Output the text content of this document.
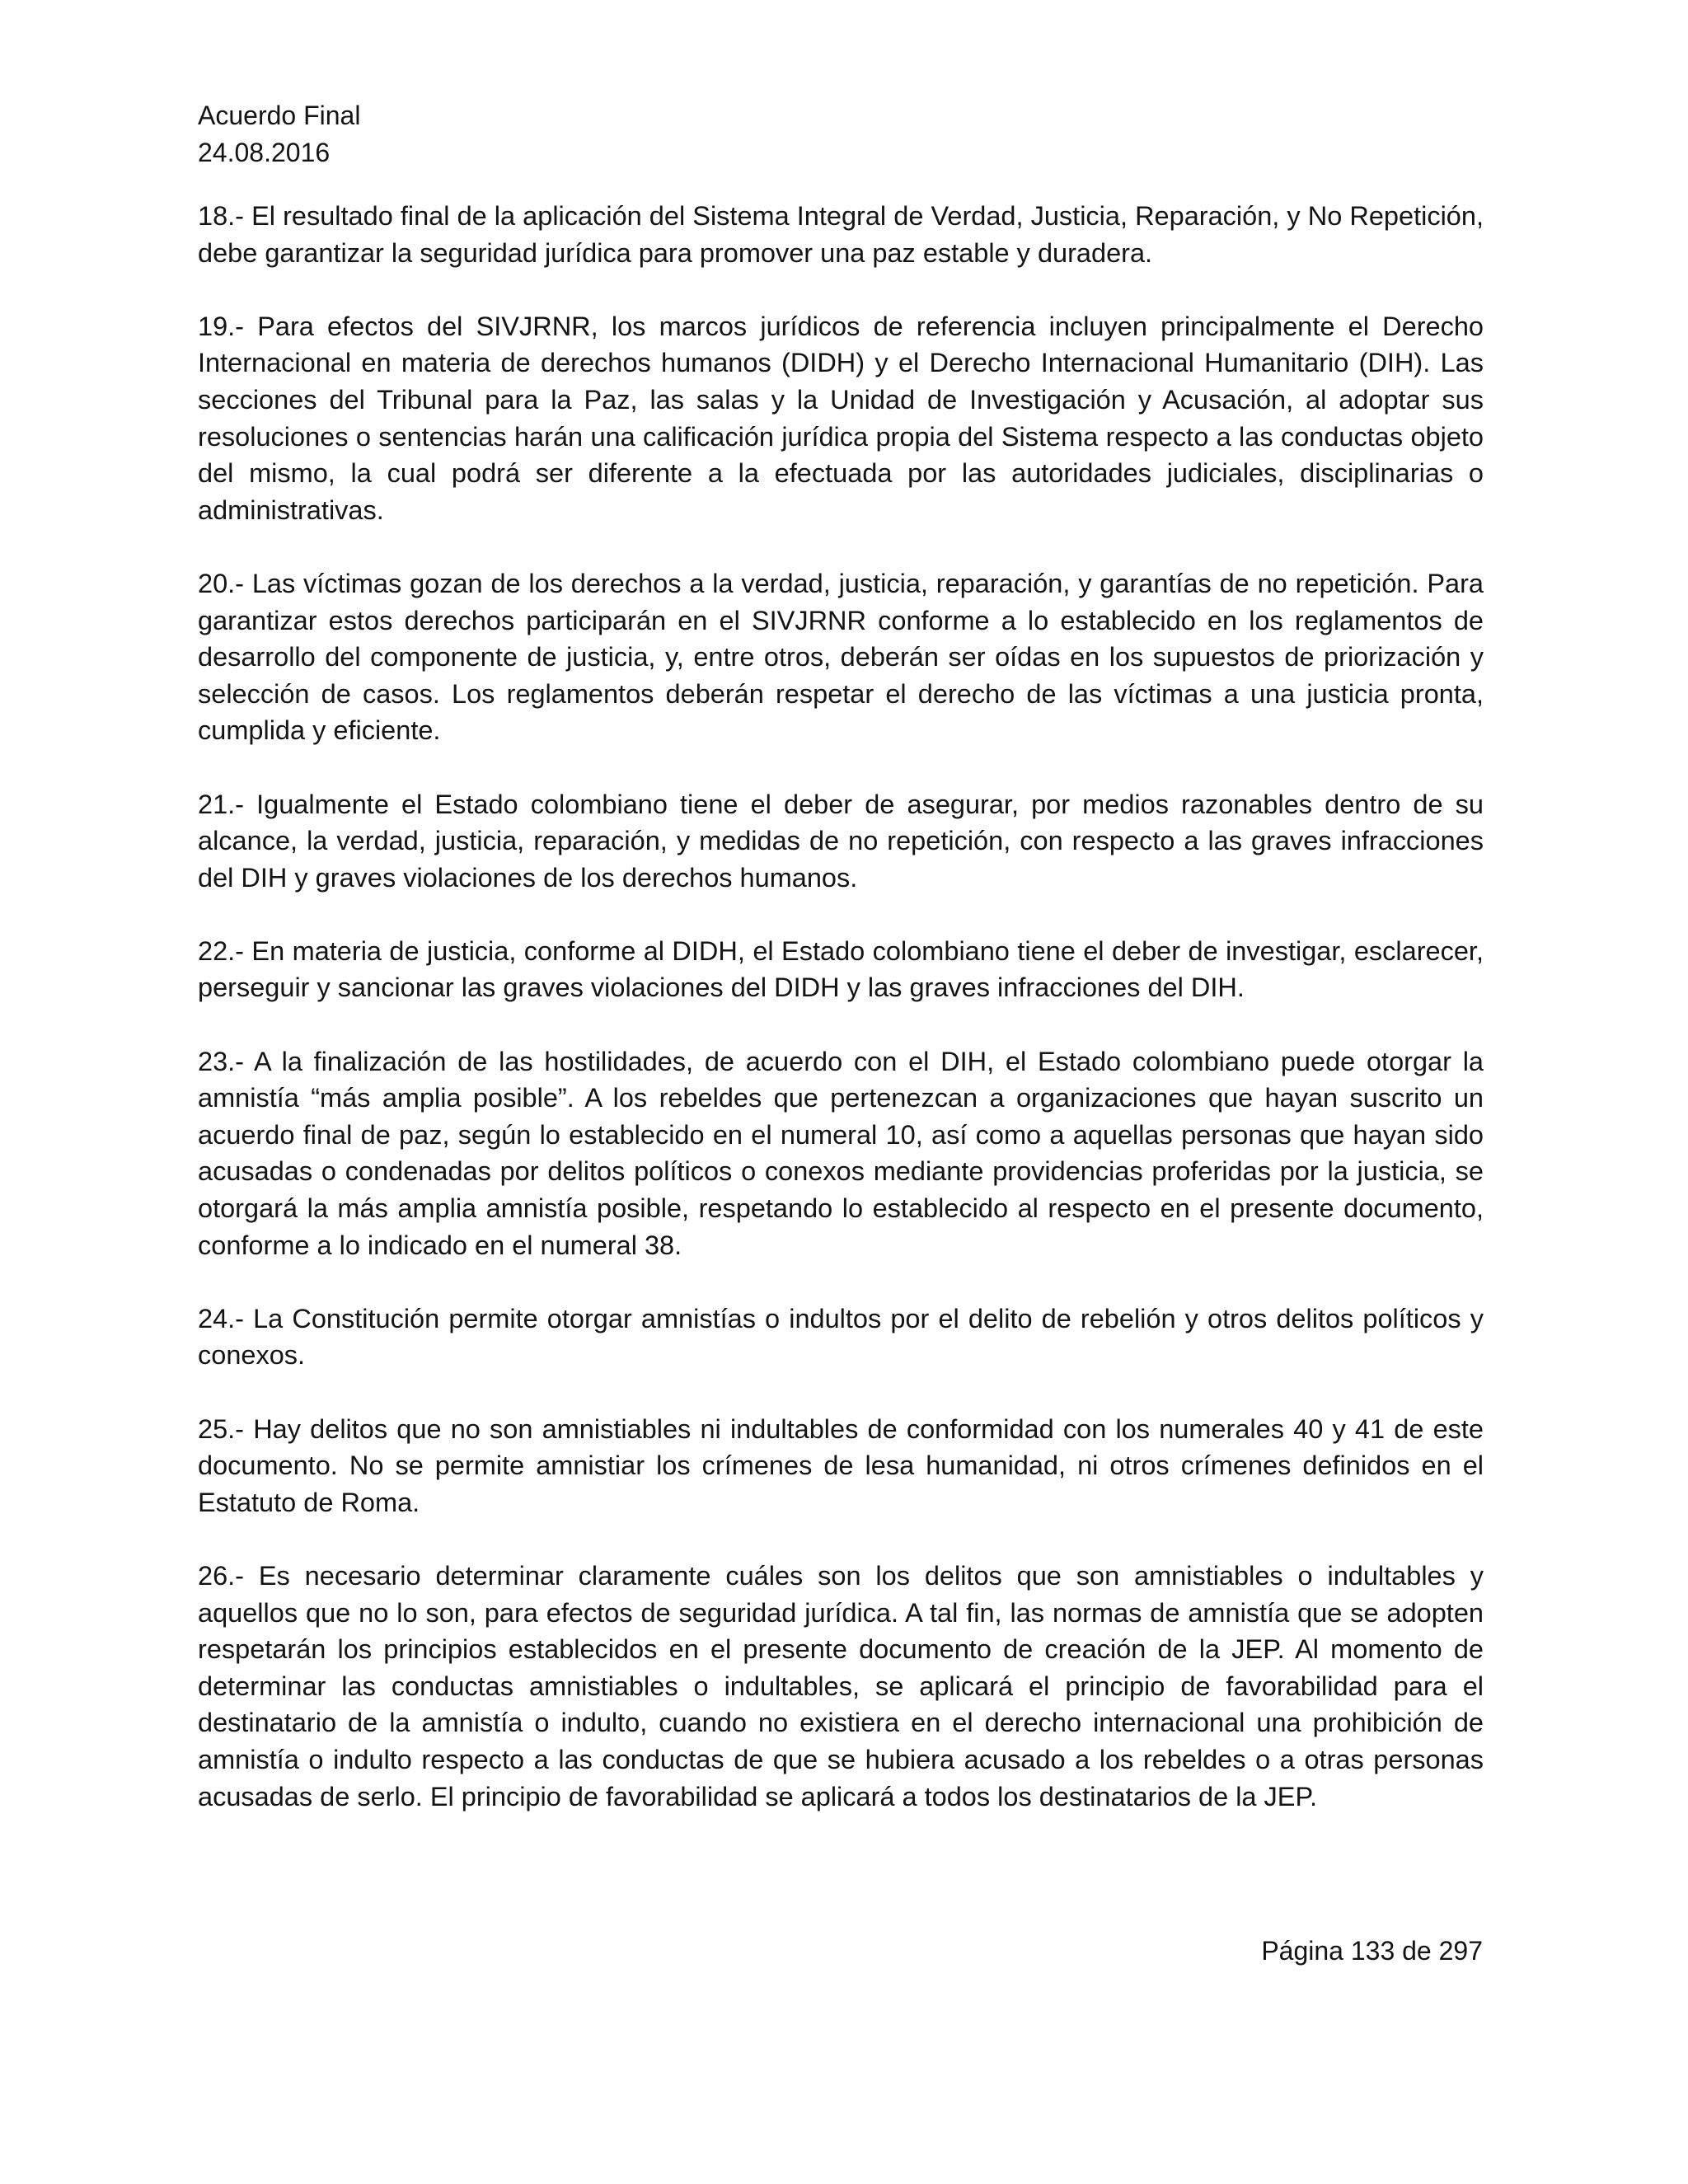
Acuerdo Final
24.08.2016

18.- El resultado final de la aplicación del Sistema Integral de Verdad, Justicia, Reparación, y No Repetición, debe garantizar la seguridad jurídica para promover una paz estable y duradera.

19.- Para efectos del SIVJRNR, los marcos jurídicos de referencia incluyen principalmente el Derecho Internacional en materia de derechos humanos (DIDH) y el Derecho Internacional Humanitario (DIH). Las secciones del Tribunal para la Paz, las salas y la Unidad de Investigación y Acusación, al adoptar sus resoluciones o sentencias harán una calificación jurídica propia del Sistema respecto a las conductas objeto del mismo, la cual podrá ser diferente a la efectuada por las autoridades judiciales, disciplinarias o administrativas.

20.- Las víctimas gozan de los derechos a la verdad, justicia, reparación, y garantías de no repetición. Para garantizar estos derechos participarán en el SIVJRNR conforme a lo establecido en los reglamentos de desarrollo del componente de justicia, y, entre otros, deberán ser oídas en los supuestos de priorización y selección de casos. Los reglamentos deberán respetar el derecho de las víctimas a una justicia pronta, cumplida y eficiente.

21.- Igualmente el Estado colombiano tiene el deber de asegurar, por medios razonables dentro de su alcance, la verdad, justicia, reparación, y medidas de no repetición, con respecto a las graves infracciones del DIH y graves violaciones de los derechos humanos.

22.- En materia de justicia, conforme al DIDH, el Estado colombiano tiene el deber de investigar, esclarecer, perseguir y sancionar las graves violaciones del DIDH y las graves infracciones del DIH.

23.- A la finalización de las hostilidades, de acuerdo con el DIH, el Estado colombiano puede otorgar la amnistía “más amplia posible”. A los rebeldes que pertenezcan a organizaciones que hayan suscrito un acuerdo final de paz, según lo establecido en el numeral 10, así como a aquellas personas que hayan sido acusadas o condenadas por delitos políticos o conexos mediante providencias proferidas por la justicia, se otorgará la más amplia amnistía posible, respetando lo establecido al respecto en el presente documento, conforme a lo indicado en el numeral 38.

24.- La Constitución permite otorgar amnistías o indultos por el delito de rebelión y otros delitos políticos y conexos.

25.- Hay delitos que no son amnistiables ni indultables de conformidad con los numerales 40 y 41 de este documento. No se permite amnistiar los crímenes de lesa humanidad, ni otros crímenes definidos en el Estatuto de Roma.

26.- Es necesario determinar claramente cuáles son los delitos que son amnistiables o indultables y aquellos que no lo son, para efectos de seguridad jurídica. A tal fin, las normas de amnistía que se adopten respetarán los principios establecidos en el presente documento de creación de la JEP. Al momento de determinar las conductas amnistiables o indultables, se aplicará el principio de favorabilidad para el destinatario de la amnistía o indulto, cuando no existiera en el derecho internacional una prohibición de amnistía o indulto respecto a las conductas de que se hubiera acusado a los rebeldes o a otras personas acusadas de serlo. El principio de favorabilidad se aplicará a todos los destinatarios de la JEP.

Página 133 de 297
